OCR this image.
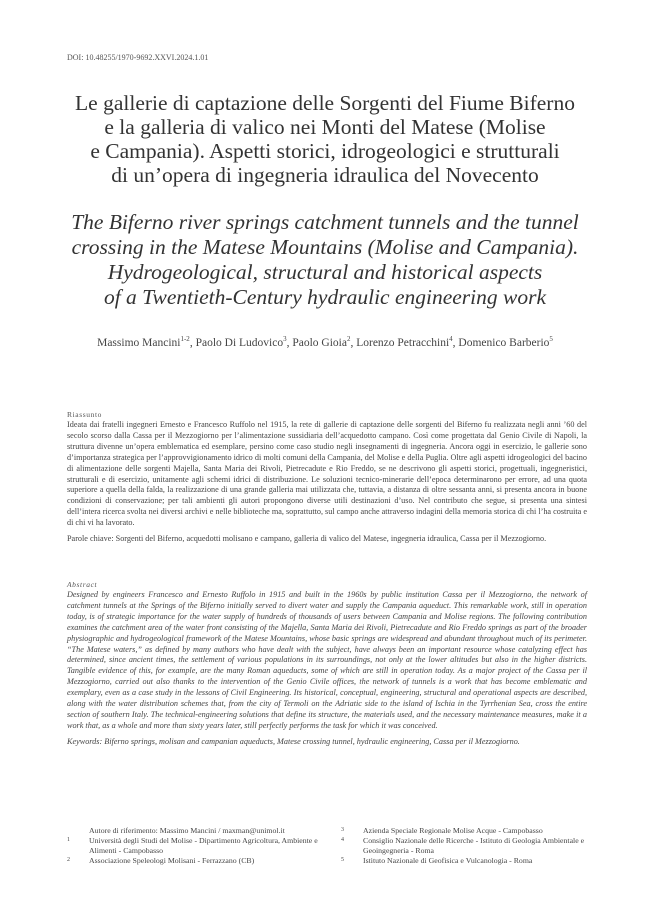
DOI: 10.48255/1970-9692.XXVI.2024.1.01
Le gallerie di captazione delle Sorgenti del Fiume Biferno
e la galleria di valico nei Monti del Matese (Molise
e Campania). Aspetti storici, idrogeologici e strutturali
di un’opera di ingegneria idraulica del Novecento
The Biferno river springs catchment tunnels and the tunnel
crossing in the Matese Mountains (Molise and Campania).
Hydrogeological, structural and historical aspects
of a Twentieth-Century hydraulic engineering work
Massimo Mancini$^{1-2}$, Paolo Di Ludovico$^3$, Paolo Gioia$^2$, Lorenzo Petracchini$^4$, Domenico Barberio$^5$
Riassunto
Ideata dai fratelli ingegneri Ernesto e Francesco Ruffolo nel 1915, la rete di gallerie di captazione delle sorgenti del Biferno fu realizzata negli anni ’60 del secolo scorso dalla Cassa per il Mezzogiorno per l’alimentazione sussidiaria dell’acquedotto campano. Così come progettata dal Genio Civile di Napoli, la struttura divenne un’opera emblematica ed esemplare, persino come caso studio negli insegnamenti di ingegneria. Ancora oggi in esercizio, le gallerie sono d’importanza strategica per l’approvvigionamento idrico di molti comuni della Campania, del Molise e della Puglia. Oltre agli aspetti idrogeologici del bacino di alimentazione delle sorgenti Majella, Santa Maria dei Rivoli, Pietrecadute e Rio Freddo, se ne descrivono gli aspetti storici, progettuali, ingegneristici, strutturali e di esercizio, unitamente agli schemi idrici di distribuzione. Le soluzioni tecnico-minerarie dell’epoca determinarono per errore, ad una quota superiore a quella della falda, la realizzazione di una grande galleria mai utilizzata che, tuttavia, a distanza di oltre sessanta anni, si presenta ancora in buone condizioni di conservazione; per tali ambienti gli autori propongono diverse utili destinazioni d’uso. Nel contributo che segue, si presenta una sintesi dell’intera ricerca svolta nei diversi archivi e nelle biblioteche ma, soprattutto, sul campo anche attraverso indagini della memoria storica di chi l’ha costruita e di chi vi ha lavorato.
Parole chiave: Sorgenti del Biferno, acquedotti molisano e campano, galleria di valico del Matese, ingegneria idraulica, Cassa per il Mezzogiorno.
Abstract
Designed by engineers Francesco and Ernesto Ruffolo in 1915 and built in the 1960s by public institution Cassa per il Mezzogiorno, the network of catchment tunnels at the Springs of the Biferno initially served to divert water and supply the Campania aqueduct. This remarkable work, still in operation today, is of strategic importance for the water supply of hundreds of thousands of users between Campania and Molise regions. The following contribution examines the catchment area of the water front consisting of the Majella, Santa Maria dei Rivoli, Pietrecadute and Rio Freddo springs as part of the broader physiographic and hydrogeological framework of the Matese Mountains, whose basic springs are widespread and abundant throughout much of its perimeter. “The Matese waters,” as defined by many authors who have dealt with the subject, have always been an important resource whose catalyzing effect has determined, since ancient times, the settlement of various populations in its surroundings, not only at the lower altitudes but also in the higher districts. Tangible evidence of this, for example, are the many Roman aqueducts, some of which are still in operation today. As a major project of the Cassa per il Mezzogiorno, carried out also thanks to the intervention of the Genio Civile offices, the network of tunnels is a work that has become emblematic and exemplary, even as a case study in the lessons of Civil Engineering. Its historical, conceptual, engineering, structural and operational aspects are described, along with the water distribution schemes that, from the city of Termoli on the Adriatic side to the island of Ischia in the Tyrrhenian Sea, cross the entire section of southern Italy. The technical-engineering solutions that define its structure, the materials used, and the necessary maintenance measures, make it a work that, as a whole and more than sixty years later, still perfectly performs the task for which it was conceived.
Keywords: Biferno springs, molisan and campanian aqueducts, Matese crossing tunnel, hydraulic engineering, Cassa per il Mezzogiorno.
Autore di riferimento: Massimo Mancini / maxman@unimol.it
1 Università degli Studi del Molise - Dipartimento Agricoltura, Ambiente e Alimenti - Campobasso
2 Associazione Speleologi Molisani - Ferrazzano (CB)
3 Azienda Speciale Regionale Molise Acque - Campobasso
4 Consiglio Nazionale delle Ricerche - Istituto di Geologia Ambientale e Geoingegneria - Roma
5 Istituto Nazionale di Geofisica e Vulcanologia - Roma
